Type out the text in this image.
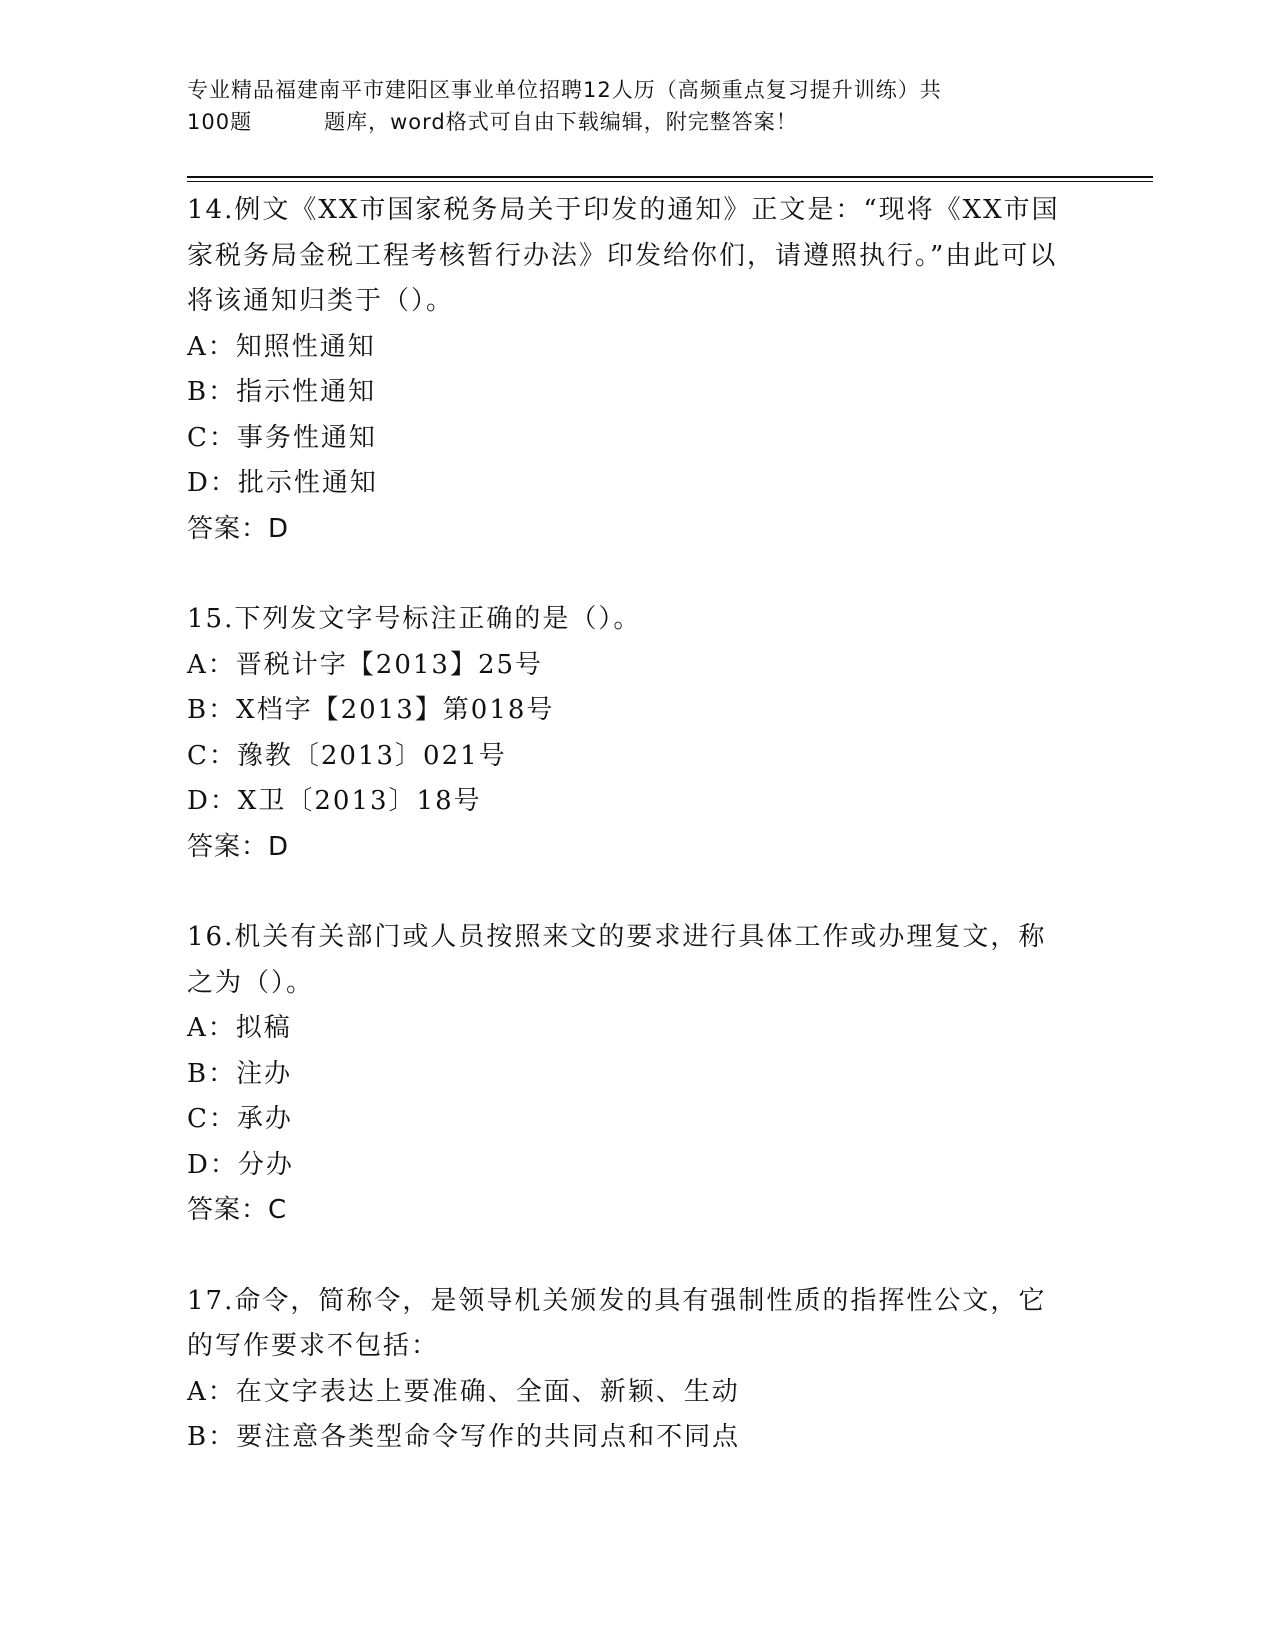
专业精品福建南平市建阳区事业单位招聘12人历（高频重点复习提升训练）共
100题	题库，word格式可自由下载编辑，附完整答案！

14.例文《XX市国家税务局关于印发的通知》正文是：“现将《XX市国家税务局金税工程考核暂行办法》印发给你们，请遵照执行。”由此可以将该通知归类于（）。

A：知照性通知

B：指示性通知

C：事务性通知

D：批示性通知

答案：D

15.下列发文字号标注正确的是（）。

A：晋税计字【2013】25号

B：X档字【2013】第018号

C：豫教〔2013〕021号

D：X卫〔2013〕18号

答案：D

16.机关有关部门或人员按照来文的要求进行具体工作或办理复文，称之为（）。

A：拟稿

B：注办

C：承办

D：分办

答案：C

17.命令，简称令，是领导机关颁发的具有强制性质的指挥性公文，它的写作要求不包括：

A：在文字表达上要准确、全面、新颖、生动

B：要注意各类型命令写作的共同点和不同点
